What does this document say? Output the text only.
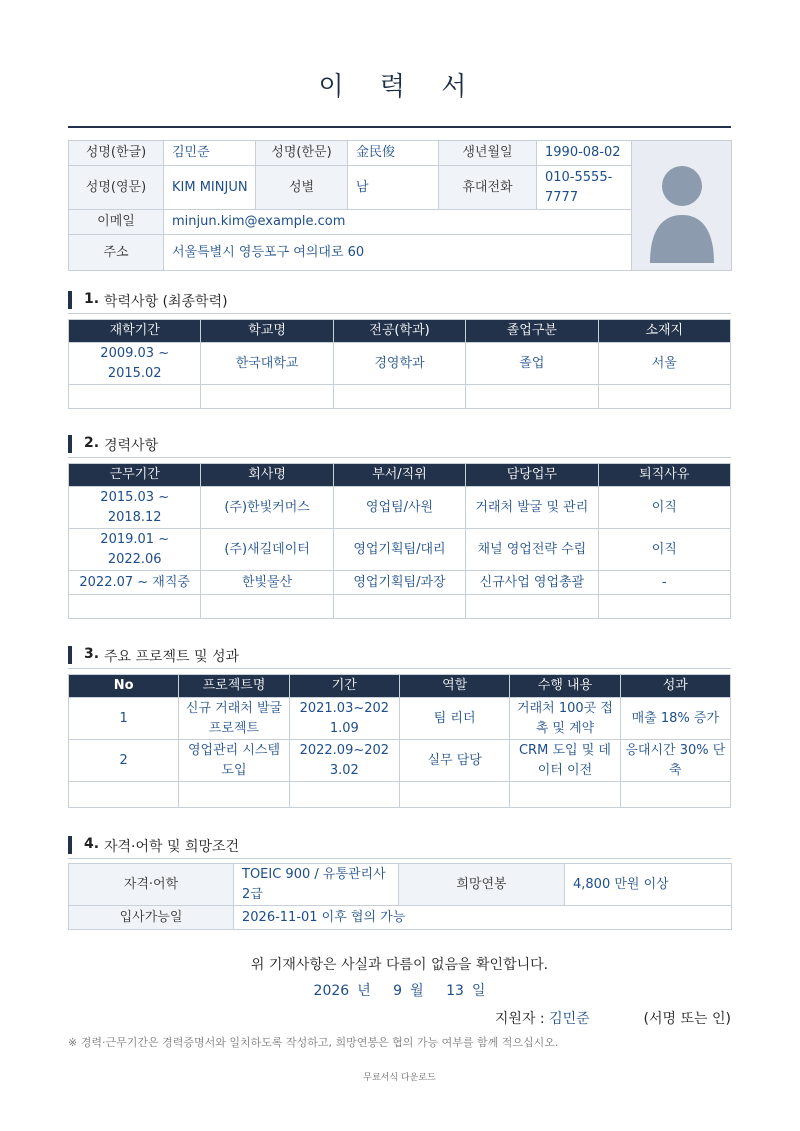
이 력 서
성명(한글)	김민준	성명(한문)	金民俊	생년월일	1990-08-02	
성명(영문)	KIM MINJUN	성별	남	휴대전화	010-5555-7777	
이메일	minjun.kim@example.com					
주소	서울특별시 영등포구 여의대로 60					
1. 학력사항 (최종학력)
재학기간	학교명	전공(학과)	졸업구분	소재지
2009.03 ~ 2015.02	한국대학교	경영학과	졸업	서울

2. 경력사항
근무기간	회사명	부서/직위	담당업무	퇴직사유
2015.03 ~ 2018.12	(주)한빛커머스	영업팀/사원	거래처 발굴 및 관리	이직
2019.01 ~ 2022.06	(주)새길데이터	영업기획팀/대리	채널 영업전략 수립	이직
2022.07 ~ 재직중	한빛물산	영업기획팀/과장	신규사업 영업총괄	-

3. 주요 프로젝트 및 성과
No	프로젝트명	기간	역할	수행 내용	성과
1	신규 거래처 발굴 프로젝트	2021.03~2021.09	팀 리더	거래처 100곳 접촉 및 계약	매출 18% 증가
2	영업관리 시스템 도입	2022.09~2023.02	실무 담당	CRM 도입 및 데이터 이전	응대시간 30% 단축

4. 자격·어학 및 희망조건
자격·어학	TOEIC 900 / 유통관리사 2급	희망연봉	4,800 만원 이상
입사가능일	2026-11-01 이후 협의 가능		
위 기재사항은 사실과 다름이 없음을 확인합니다.
2026 년 9 월 13 일
지원자 : 김민준	(서명 또는 인)
※ 경력·근무기간은 경력증명서와 일치하도록 작성하고, 희망연봉은 협의 가능 여부를 함께 적으십시오.
무료서식 다운로드
